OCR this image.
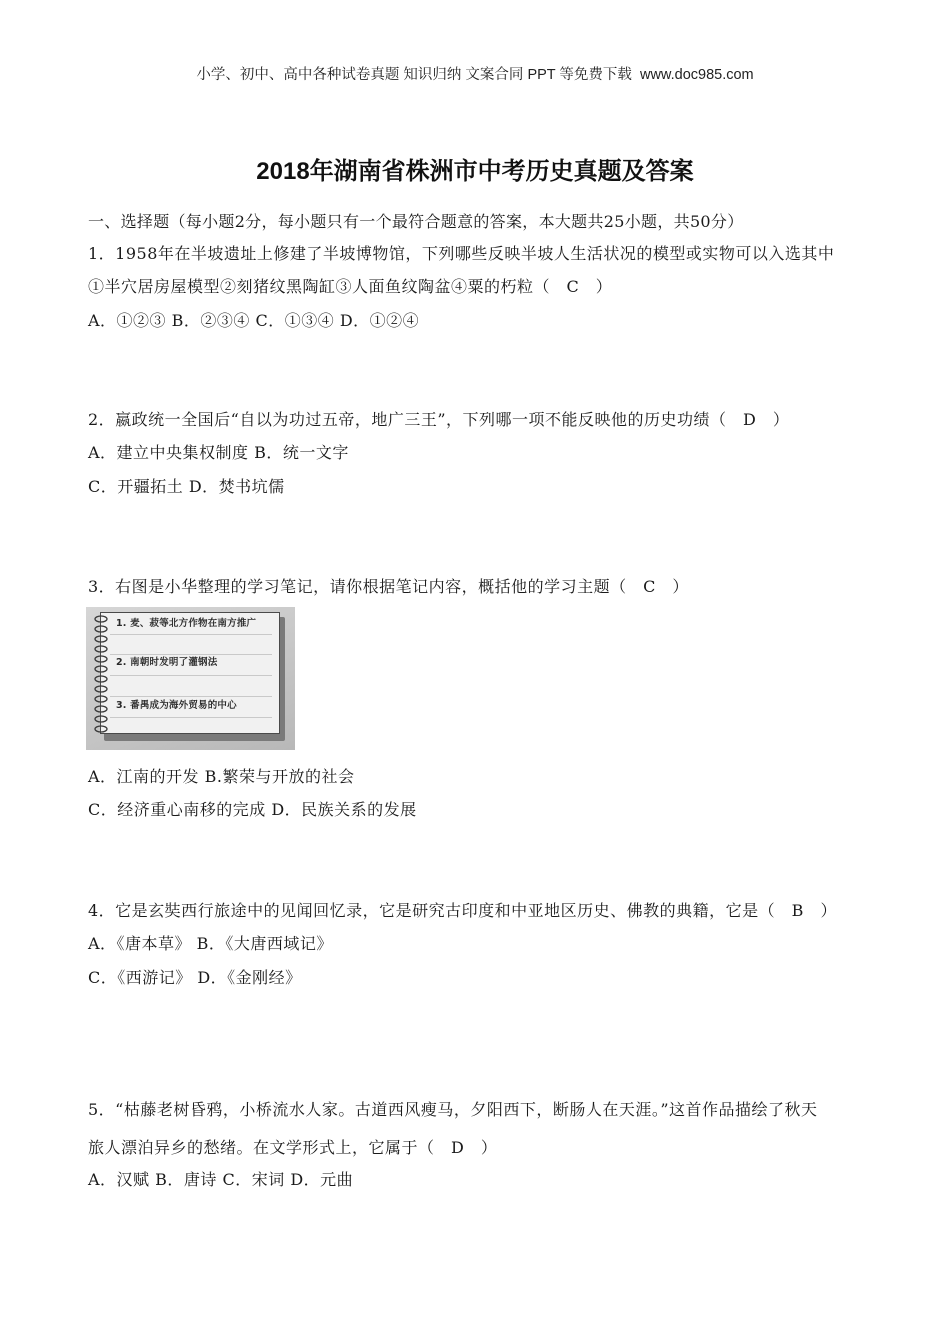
小学、初中、高中各种试卷真题 知识归纳 文案合同 PPT 等免费下载  www.doc985.com
2018年湖南省株洲市中考历史真题及答案
一、选择题（每小题2分，每小题只有一个最符合题意的答案，本大题共25小题，共50分）
1．1958年在半坡遗址上修建了半坡博物馆，下列哪些反映半坡人生活状况的模型或实物可以入选其中
①半穴居房屋模型②刻猪纹黑陶缸③人面鱼纹陶盆④粟的朽粒（　C　）
A．①②③ B．②③④ C．①③④ D．①②④
2．嬴政统一全国后“自以为功过五帝，地广三王”，下列哪一项不能反映他的历史功绩（　D　）
A．建立中央集权制度 B．统一文字
C．开疆拓土 D．焚书坑儒
3．右图是小华整理的学习笔记，请你根据笔记内容，概括他的学习主题（　C　）
1. 麦、菽等北方作物在南方推广
2. 南朝时发明了灌钢法
3. 番禺成为海外贸易的中心
A．江南的开发 B.繁荣与开放的社会
C．经济重心南移的完成 D．民族关系的发展
4．它是玄奘西行旅途中的见闻回忆录，它是研究古印度和中亚地区历史、佛教的典籍，它是（　B　）
A．《唐本草》 B．《大唐西域记》
C．《西游记》 D．《金刚经》
5．“枯藤老树昏鸦，小桥流水人家。古道西风瘦马，夕阳西下，断肠人在天涯。”这首作品描绘了秋天
旅人漂泊异乡的愁绪。在文学形式上，它属于（　D　）
A．汉赋 B．唐诗 C．宋词 D．元曲
